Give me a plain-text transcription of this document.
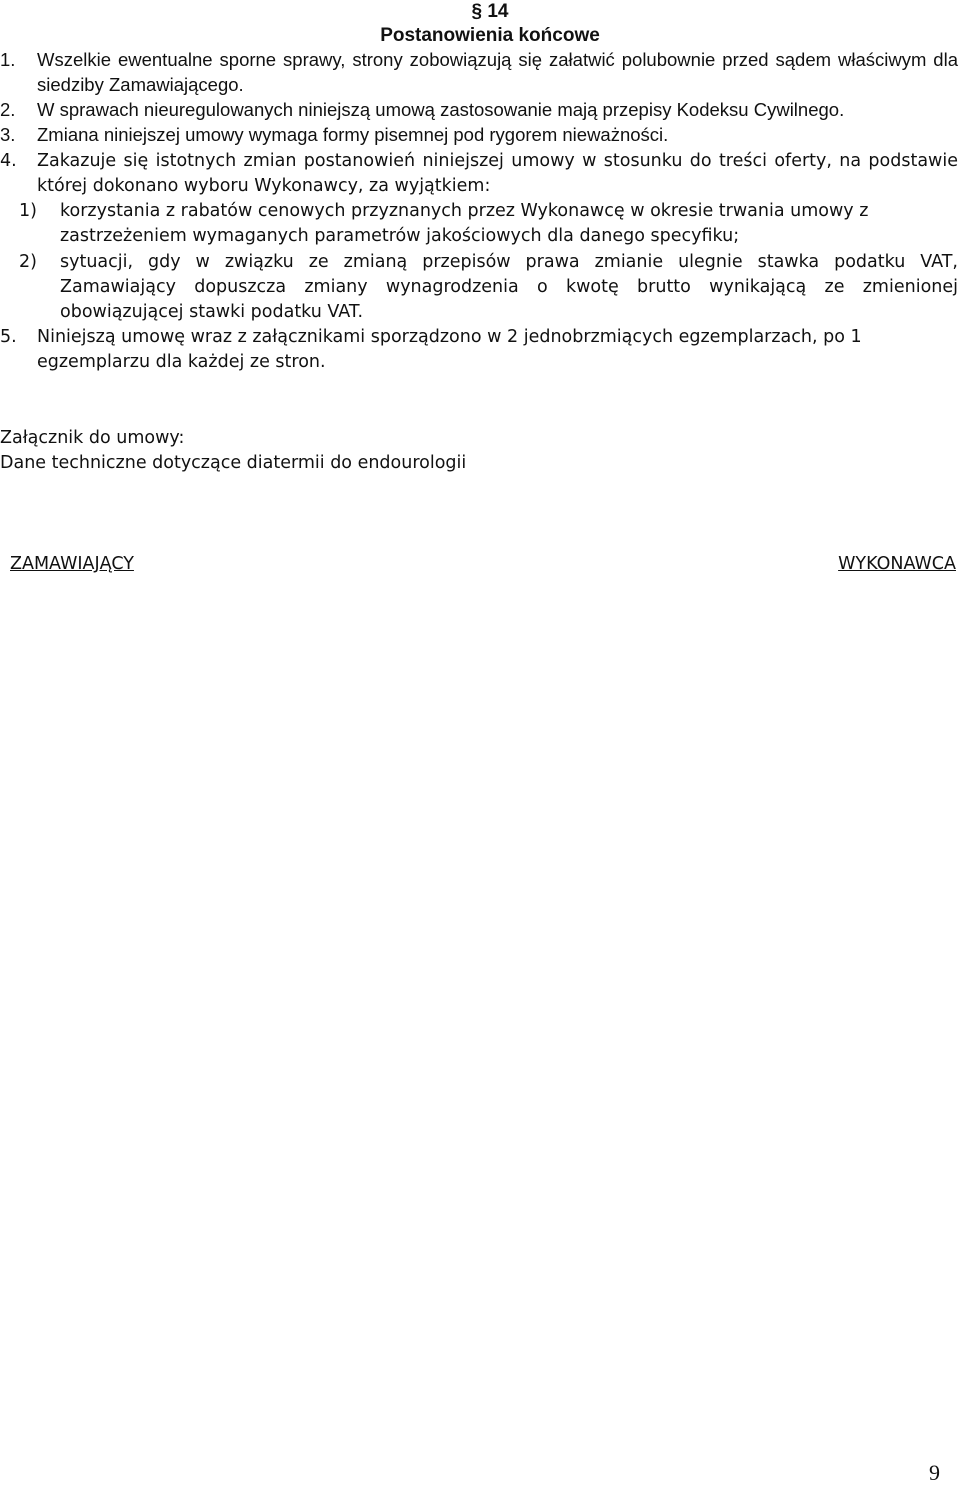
§ 14
Postanowienia końcowe
1. Wszelkie ewentualne sporne sprawy, strony zobowiązują się załatwić polubownie przed sądem właściwym dla siedziby Zamawiającego.
2. W sprawach nieuregulowanych niniejszą umową zastosowanie mają przepisy Kodeksu Cywilnego.
3. Zmiana niniejszej umowy wymaga formy pisemnej pod rygorem nieważności.
4. Zakazuje się istotnych zmian postanowień niniejszej umowy w stosunku do treści oferty, na podstawie której dokonano wyboru Wykonawcy, za wyjątkiem:
1) korzystania z rabatów cenowych przyznanych przez Wykonawcę w okresie trwania umowy z zastrzeżeniem wymaganych parametrów jakościowych dla danego specyfiku;
2) sytuacji, gdy w związku ze zmianą przepisów prawa zmianie ulegnie stawka podatku VAT, Zamawiający dopuszcza zmiany wynagrodzenia o kwotę brutto wynikającą ze zmienionej obowiązującej stawki podatku VAT.
5. Niniejszą umowę wraz z załącznikami sporządzono w 2 jednobrzmiących egzemplarzach, po 1 egzemplarzu dla każdej ze stron.

Załącznik do umowy:

Dane techniczne dotyczące diatermii do endourologii

ZAMAWIAJĄCY	WYKONAWCA
9
